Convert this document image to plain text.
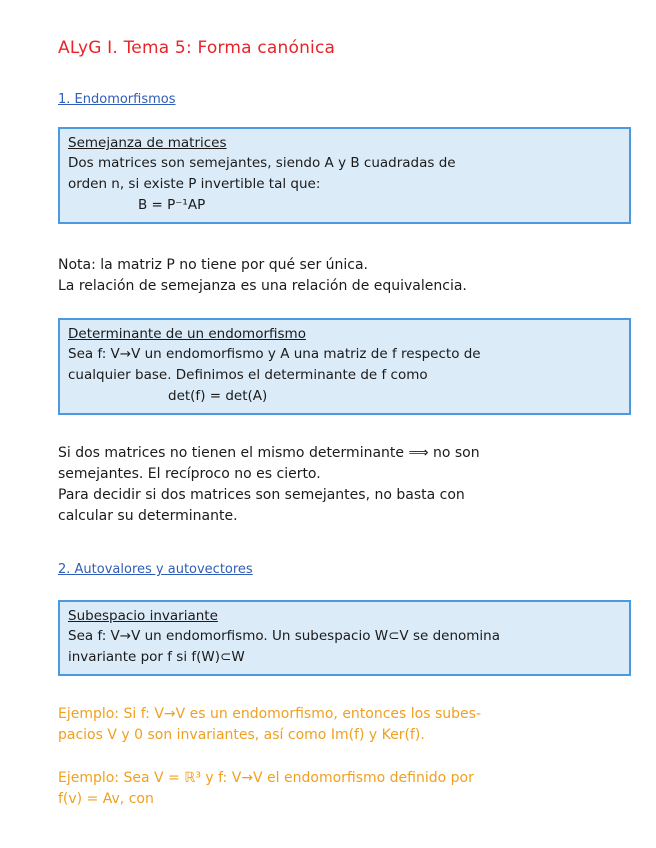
ALyG I. Tema 5: Forma canónica
1. Endomorfismos
Semejanza de matrices
Dos matrices son semejantes, siendo A y B cuadradas de
orden n, si existe P invertible tal que:
B = P⁻¹AP
Nota: la matriz P no tiene por qué ser única.
La relación de semejanza es una relación de equivalencia.
Determinante de un endomorfismo
Sea f: V→V un endomorfismo y A una matriz de f respecto de
cualquier base. Definimos el determinante de f como
det(f) = det(A)
Si dos matrices no tienen el mismo determinante ⟹ no son
semejantes. El recíproco no es cierto.
Para decidir si dos matrices son semejantes, no basta con
calcular su determinante.
2. Autovalores y autovectores
Subespacio invariante
Sea f: V→V un endomorfismo. Un subespacio W⊂V se denomina
invariante por f si f(W)⊂W
Ejemplo: Si f: V→V es un endomorfismo, entonces los subes-
pacios V y 0 son invariantes, así como Im(f) y Ker(f).
Ejemplo: Sea V = ℝ³ y f: V→V el endomorfismo definido por
f(v) = Av, con
